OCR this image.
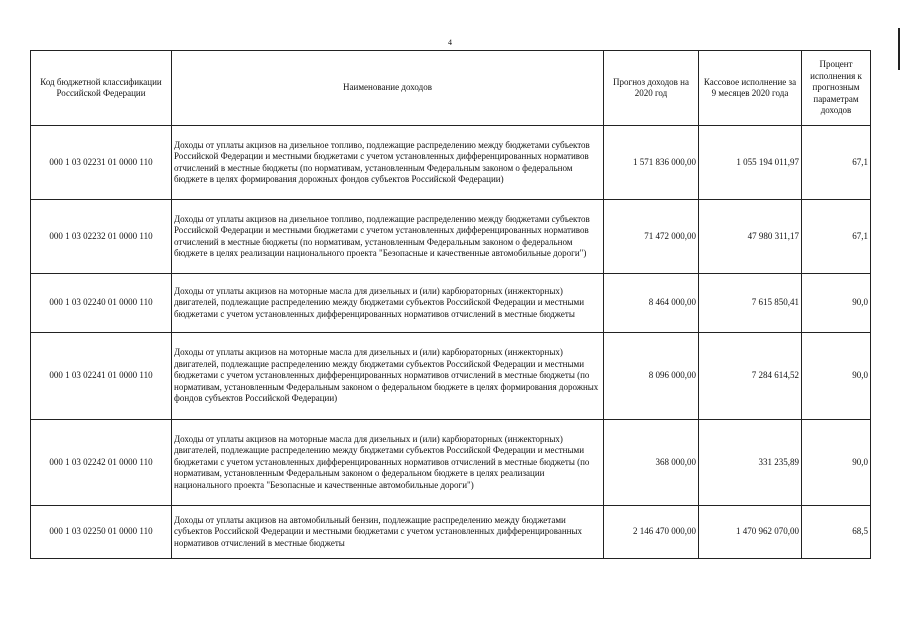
4
Код бюджетной классификации Российской Федерации	Наименование доходов	Прогноз доходов на 2020 год	Кассовое исполнение за 9 месяцев 2020 года	Процент исполнения к прогнозным параметрам доходов
000 1 03 02231 01 0000 110	Доходы от уплаты акцизов на дизельное топливо, подлежащие распределению между бюджетами субъектов Российской Федерации и местными бюджетами с учетом установленных дифференцированных нормативов отчислений в местные бюджеты (по нормативам, установленным Федеральным законом о федеральном бюджете в целях формирования дорожных фондов субъектов Российской Федерации)	1 571 836 000,00	1 055 194 011,97	67,1
000 1 03 02232 01 0000 110	Доходы от уплаты акцизов на дизельное топливо, подлежащие распределению между бюджетами субъектов Российской Федерации и местными бюджетами с учетом установленных дифференцированных нормативов отчислений в местные бюджеты (по нормативам, установленным Федеральным законом о федеральном бюджете в целях реализации национального проекта "Безопасные и качественные автомобильные дороги")	71 472 000,00	47 980 311,17	67,1
000 1 03 02240 01 0000 110	Доходы от уплаты акцизов на моторные масла для дизельных и (или) карбюраторных (инжекторных) двигателей, подлежащие распределению между бюджетами субъектов Российской Федерации и местными бюджетами с учетом установленных дифференцированных нормативов отчислений в местные бюджеты	8 464 000,00	7 615 850,41	90,0
000 1 03 02241 01 0000 110	Доходы от уплаты акцизов на моторные масла для дизельных и (или) карбюраторных (инжекторных) двигателей, подлежащие распределению между бюджетами субъектов Российской Федерации и местными бюджетами с учетом установленных дифференцированных нормативов отчислений в местные бюджеты (по нормативам, установленным Федеральным законом о федеральном бюджете в целях формирования дорожных фондов субъектов Российской Федерации)	8 096 000,00	7 284 614,52	90,0
000 1 03 02242 01 0000 110	Доходы от уплаты акцизов на моторные масла для дизельных и (или) карбюраторных (инжекторных) двигателей, подлежащие распределению между бюджетами субъектов Российской Федерации и местными бюджетами с учетом установленных дифференцированных нормативов отчислений в местные бюджеты (по нормативам, установленным Федеральным законом о федеральном бюджете в целях реализации национального проекта "Безопасные и качественные автомобильные дороги")	368 000,00	331 235,89	90,0
000 1 03 02250 01 0000 110	Доходы от уплаты акцизов на автомобильный бензин, подлежащие распределению между бюджетами субъектов Российской Федерации и местными бюджетами с учетом установленных дифференцированных нормативов отчислений в местные бюджеты	2 146 470 000,00	1 470 962 070,00	68,5
